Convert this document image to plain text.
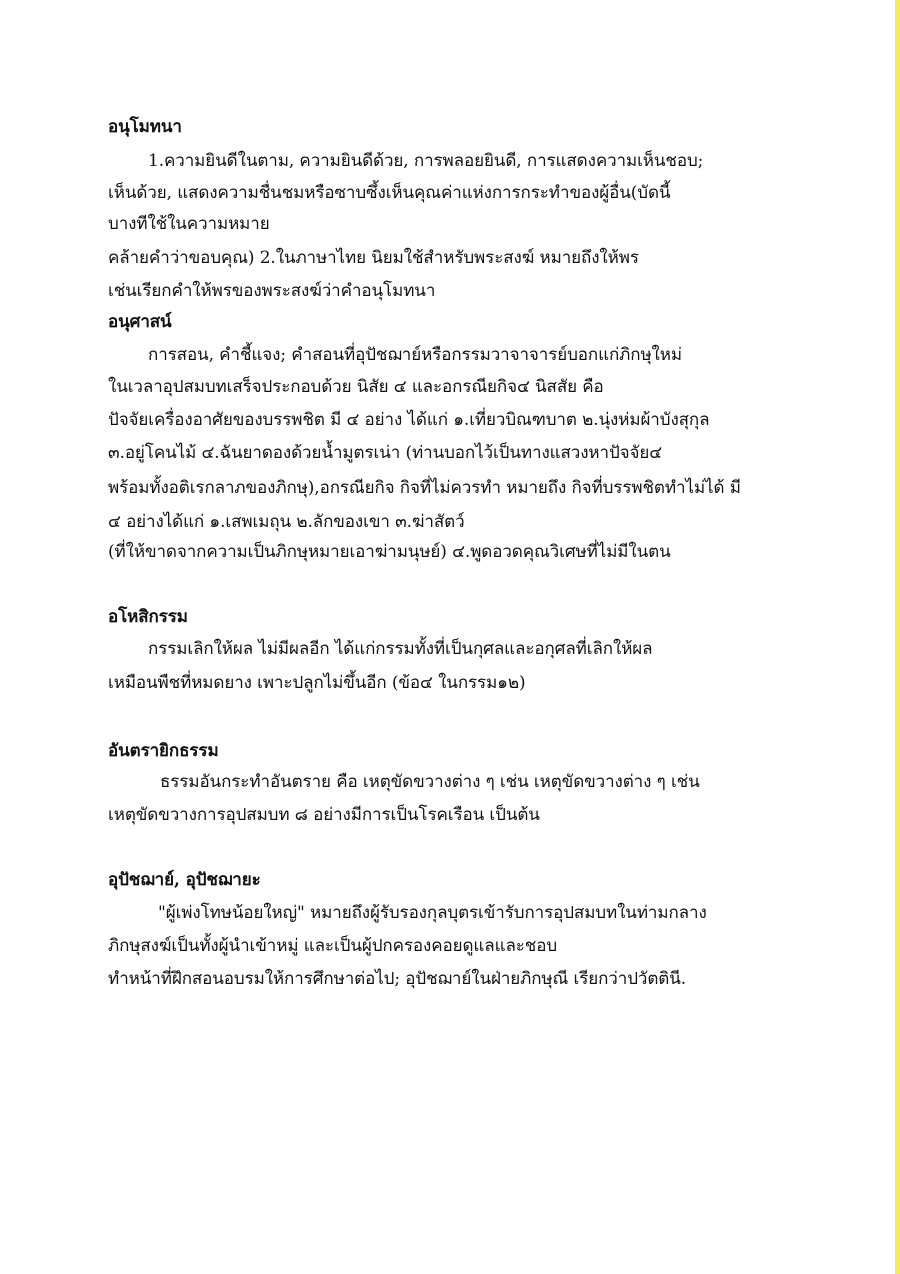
อนุโมทนา
1.ความยินดีในตาม, ความยินดีด้วย, การพลอยยินดี, การแสดงความเห็นชอบ;
เห็นด้วย, แสดงความชื่นชมหรือซาบซึ้งเห็นคุณค่าแห่งการกระทำของผู้อื่น(บัดนี้
บางทีใช้ในความหมาย
คล้ายคำว่าขอบคุณ) 2.ในภาษาไทย นิยมใช้สำหรับพระสงฆ์ หมายถึงให้พร
เช่นเรียกคำให้พรของพระสงฆ์ว่าคำอนุโมทนา
อนุศาสน์
การสอน, คำชี้แจง; คำสอนที่อุปัชฌาย์หรือกรรมวาจาจารย์บอกแก่ภิกษุใหม่
ในเวลาอุปสมบทเสร็จประกอบด้วย นิสัย ๔ และอกรณียกิจ๔ นิสสัย คือ
ปัจจัยเครื่องอาศัยของบรรพชิต มี ๔ อย่าง ได้แก่ ๑.เที่ยวบิณฑบาต ๒.นุ่งห่มผ้าบังสุกุล
๓.อยู่โคนไม้ ๔.ฉันยาดองด้วยน้ำมูตรเน่า (ท่านบอกไว้เป็นทางแสวงหาปัจจัย๔
พร้อมทั้งอติเรกลาภของภิกษุ),อกรณียกิจ กิจที่ไม่ควรทำ หมายถึง กิจที่บรรพชิตทำไม่ได้ มี
๔ อย่างได้แก่ ๑.เสพเมถุน ๒.ลักของเขา ๓.ฆ่าสัตว์
(ที่ให้ขาดจากความเป็นภิกษุหมายเอาฆ่ามนุษย์) ๔.พูดอวดคุณวิเศษที่ไม่มีในตน
อโหสิกรรม
กรรมเลิกให้ผล ไม่มีผลอีก ได้แก่กรรมทั้งที่เป็นกุศลและอกุศลที่เลิกให้ผล
เหมือนพืชที่หมดยาง เพาะปลูกไม่ขึ้นอีก (ข้อ๔ ในกรรม๑๒)
อันตรายิกธรรม
ธรรมอันกระทำอันตราย คือ เหตุขัดขวางต่าง ๆ เช่น เหตุขัดขวางต่าง ๆ เช่น
เหตุขัดขวางการอุปสมบท ๘ อย่างมีการเป็นโรคเรือน เป็นต้น
อุปัชฌาย์, อุปัชฌายะ
"ผู้เพ่งโทษน้อยใหญ่" หมายถึงผู้รับรองกุลบุตรเข้ารับการอุปสมบทในท่ามกลาง
ภิกษุสงฆ์เป็นทั้งผู้นำเข้าหมู่ และเป็นผู้ปกครองคอยดูแลและชอบ
ทำหน้าที่ฝึกสอนอบรมให้การศึกษาต่อไป; อุปัชฌาย์ในฝ่ายภิกษุณี เรียกว่าปวัตตินี.
